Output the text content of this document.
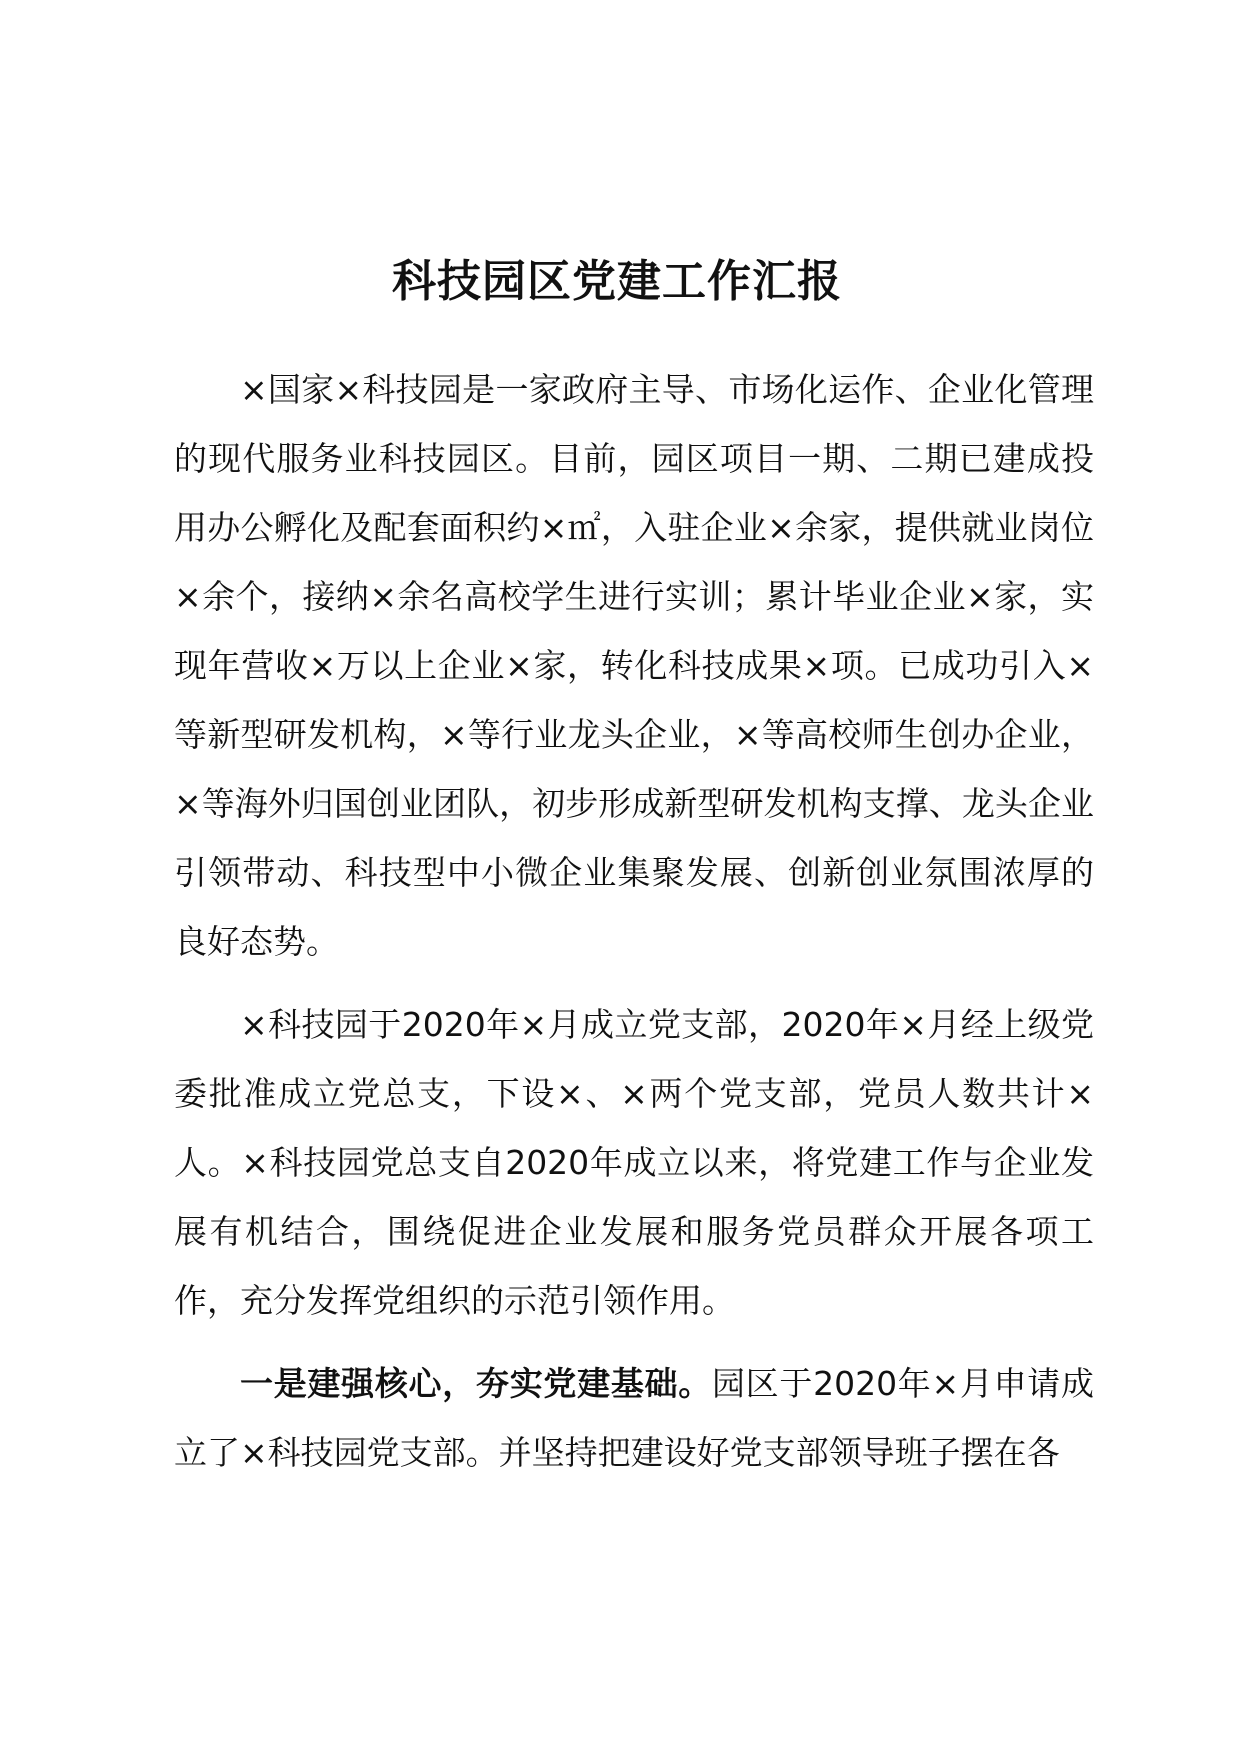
科技园区党建工作汇报

×国家×科技园是一家政府主导、市场化运作、企业化管理的现代服务业科技园区。目前，园区项目一期、二期已建成投用办公孵化及配套面积约×㎡，入驻企业×余家，提供就业岗位×余个，接纳×余名高校学生进行实训；累计毕业企业×家，实现年营收×万以上企业×家，转化科技成果×项。已成功引入×等新型研发机构，×等行业龙头企业，×等高校师生创办企业，×等海外归国创业团队，初步形成新型研发机构支撑、龙头企业引领带动、科技型中小微企业集聚发展、创新创业氛围浓厚的良好态势。

×科技园于2020年×月成立党支部，2020年×月经上级党委批准成立党总支，下设×、×两个党支部，党员人数共计×人。×科技园党总支自2020年成立以来，将党建工作与企业发展有机结合，围绕促进企业发展和服务党员群众开展各项工作，充分发挥党组织的示范引领作用。

一是建强核心，夯实党建基础。园区于2020年×月申请成立了×科技园党支部。并坚持把建设好党支部领导班子摆在各
